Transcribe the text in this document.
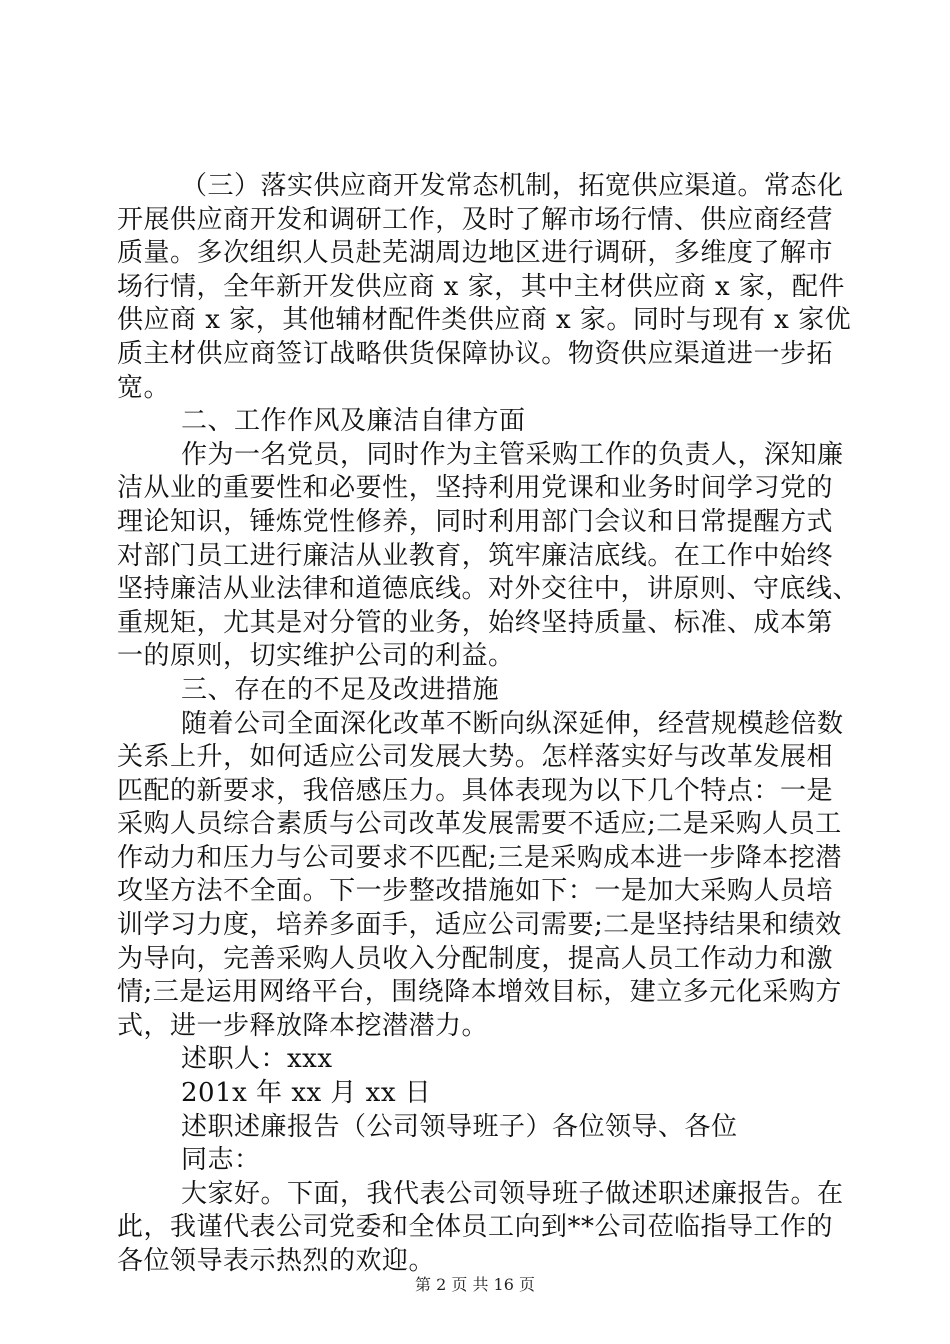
（三）落实供应商开发常态机制，拓宽供应渠道。常态化
开展供应商开发和调研工作，及时了解市场行情、供应商经营
质量。多次组织人员赴芜湖周边地区进行调研，多维度了解市
场行情，全年新开发供应商 x 家，其中主材供应商 x 家，配件
供应商 x 家，其他辅材配件类供应商 x 家。同时与现有 x 家优
质主材供应商签订战略供货保障协议。物资供应渠道进一步拓
宽。
二、工作作风及廉洁自律方面
作为一名党员，同时作为主管采购工作的负责人，深知廉
洁从业的重要性和必要性，坚持利用党课和业务时间学习党的
理论知识，锤炼党性修养，同时利用部门会议和日常提醒方式
对部门员工进行廉洁从业教育，筑牢廉洁底线。在工作中始终
坚持廉洁从业法律和道德底线。对外交往中，讲原则、守底线、
重规矩，尤其是对分管的业务，始终坚持质量、标准、成本第
一的原则，切实维护公司的利益。
三、存在的不足及改进措施
随着公司全面深化改革不断向纵深延伸，经营规模趁倍数
关系上升，如何适应公司发展大势。怎样落实好与改革发展相
匹配的新要求，我倍感压力。具体表现为以下几个特点：一是
采购人员综合素质与公司改革发展需要不适应;二是采购人员工
作动力和压力与公司要求不匹配;三是采购成本进一步降本挖潜
攻坚方法不全面。下一步整改措施如下：一是加大采购人员培
训学习力度，培养多面手，适应公司需要;二是坚持结果和绩效
为导向，完善采购人员收入分配制度，提高人员工作动力和激
情;三是运用网络平台，围绕降本增效目标，建立多元化采购方
式，进一步释放降本挖潜潜力。
述职人：xxx
201x 年 xx 月 xx 日
述职述廉报告（公司领导班子）各位领导、各位
同志：
大家好。下面，我代表公司领导班子做述职述廉报告。在
此，我谨代表公司党委和全体员工向到**公司莅临指导工作的
各位领导表示热烈的欢迎。
第 2 页 共 16 页
